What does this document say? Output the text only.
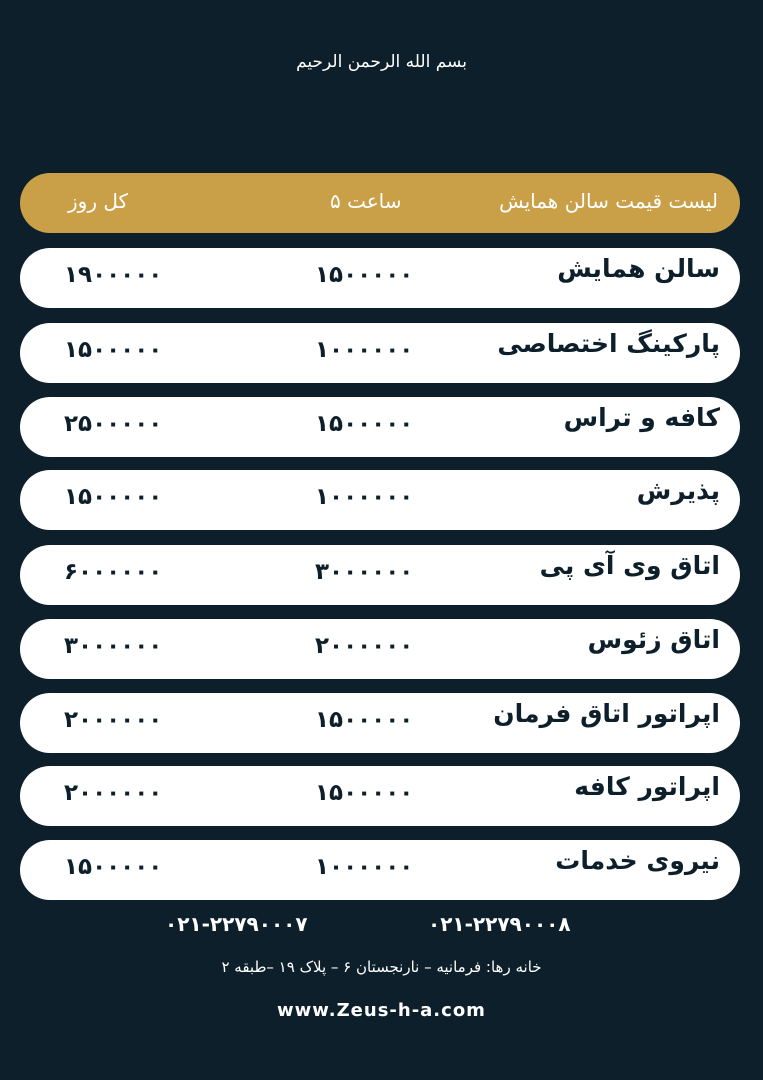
بسم الله الرحمن الرحیم
لیست قیمت سالن همایش
۵ ساعت
کل روز
سالن همایش
۱۵۰۰۰۰۰
۱۹۰۰۰۰۰
پارکینگ اختصاصی
۱۰۰۰۰۰۰
۱۵۰۰۰۰۰
کافه و تراس
۱۵۰۰۰۰۰
۲۵۰۰۰۰۰
پذیرش
۱۰۰۰۰۰۰
۱۵۰۰۰۰۰
اتاق وی آی پی
۳۰۰۰۰۰۰
۶۰۰۰۰۰۰
اتاق زئوس
۲۰۰۰۰۰۰
۳۰۰۰۰۰۰
اپراتور اتاق فرمان
۱۵۰۰۰۰۰
۲۰۰۰۰۰۰
اپراتور کافه
۱۵۰۰۰۰۰
۲۰۰۰۰۰۰
نیروی خدمات
۱۰۰۰۰۰۰
۱۵۰۰۰۰۰
۰۲۱-۲۲۷۹۰۰۰۷	۰۲۱-۲۲۷۹۰۰۰۸
خانه رها: فرمانیه – نارنجستان ۶ – پلاک ۱۹ –طبقه ۲
www.Zeus-h-a.com
